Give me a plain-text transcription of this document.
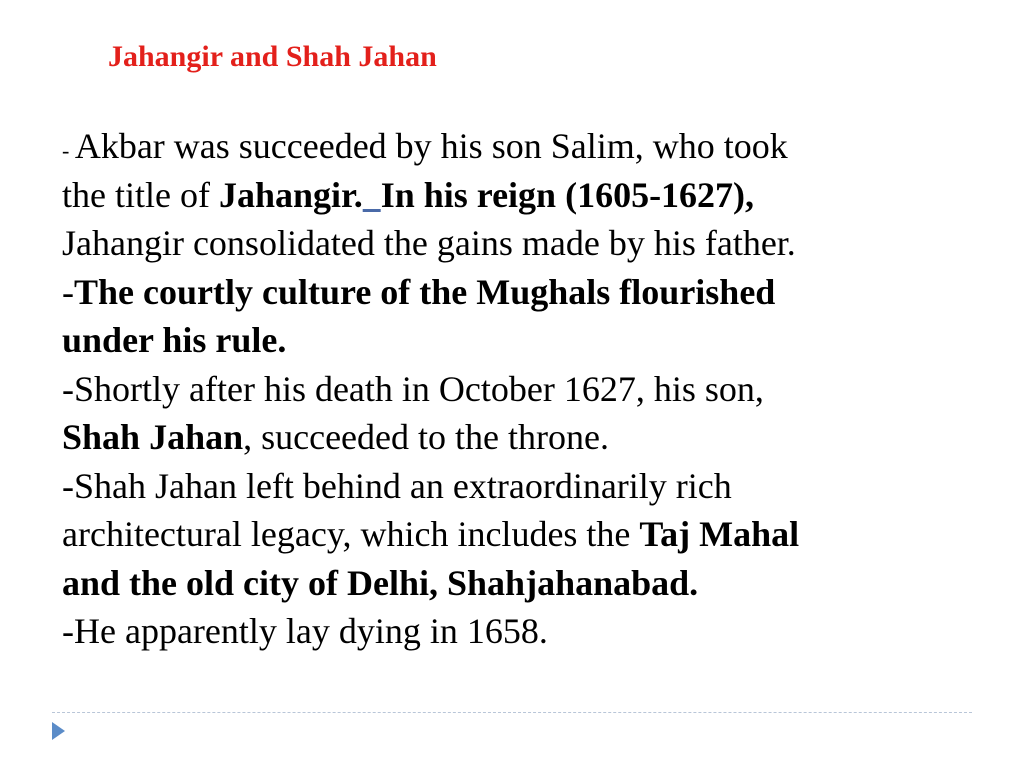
Jahangir and Shah Jahan
- Akbar was succeeded by his son Salim, who took
the title of Jahangir. In his reign (1605-1627),
Jahangir consolidated the gains made by his father.
-The courtly culture of the Mughals flourished
under his rule.
-Shortly after his death in October 1627, his son,
Shah Jahan, succeeded to the throne.
-Shah Jahan left behind an extraordinarily rich
architectural legacy, which includes the Taj Mahal
and the old city of Delhi, Shahjahanabad.
-He apparently lay dying in 1658.
